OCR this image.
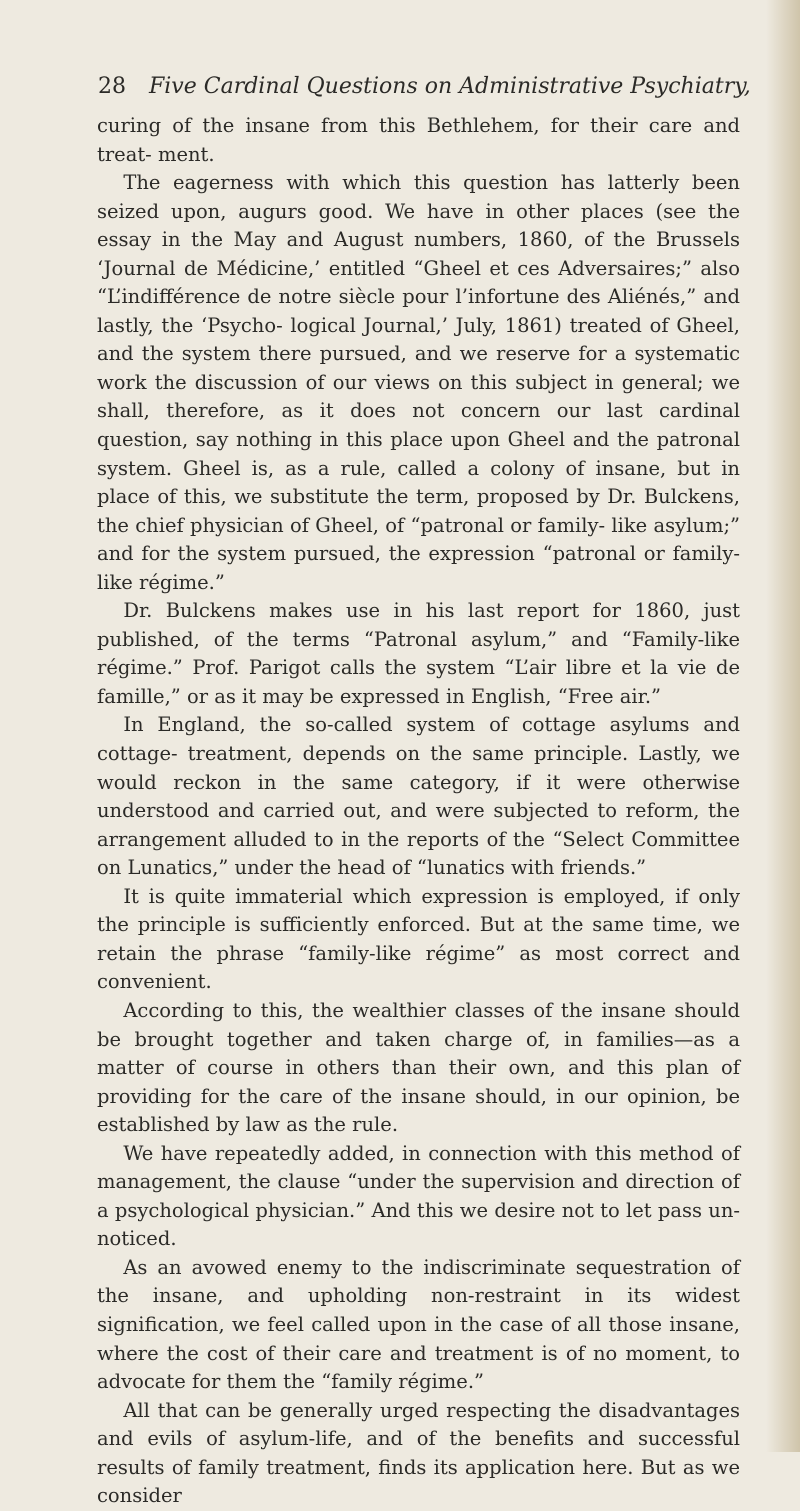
28 Five Cardinal Questions on Administrative Psychiatry,

curing of the insane from this Bethlehem, for their care and treat- ment.

The eagerness with which this question has latterly been seized upon, augurs good. We have in other places (see the essay in the May and August numbers, 1860, of the Brussels ‘Journal de Médicine,’ entitled “Gheel et ces Adversaires;” also “L’indifférence de notre siècle pour l’infortune des Aliénés,” and lastly, the ‘Psycho- logical Journal,’ July, 1861) treated of Gheel, and the system there pursued, and we reserve for a systematic work the discussion of our views on this subject in general; we shall, therefore, as it does not concern our last cardinal question, say nothing in this place upon Gheel and the patronal system. Gheel is, as a rule, called a colony of insane, but in place of this, we substitute the term, proposed by Dr. Bulckens, the chief physician of Gheel, of “patronal or family- like asylum;” and for the system pursued, the expression “patronal or family-like régime.”

Dr. Bulckens makes use in his last report for 1860, just published, of the terms “Patronal asylum,” and “Family-like régime.” Prof. Parigot calls the system “L’air libre et la vie de famille,” or as it may be expressed in English, “Free air.”

In England, the so-called system of cottage asylums and cottage- treatment, depends on the same principle. Lastly, we would reckon in the same category, if it were otherwise understood and carried out, and were subjected to reform, the arrangement alluded to in the reports of the “Select Committee on Lunatics,” under the head of “lunatics with friends.”

It is quite immaterial which expression is employed, if only the principle is sufficiently enforced. But at the same time, we retain the phrase “family-like régime” as most correct and convenient.

According to this, the wealthier classes of the insane should be brought together and taken charge of, in families—as a matter of course in others than their own, and this plan of providing for the care of the insane should, in our opinion, be established by law as the rule.

We have repeatedly added, in connection with this method of management, the clause “under the supervision and direction of a psychological physician.” And this we desire not to let pass un- noticed.

As an avowed enemy to the indiscriminate sequestration of the insane, and upholding non-restraint in its widest signification, we feel called upon in the case of all those insane, where the cost of their care and treatment is of no moment, to advocate for them the “family régime.”

All that can be generally urged respecting the disadvantages and evils of asylum-life, and of the benefits and successful results of family treatment, finds its application here. But as we consider
